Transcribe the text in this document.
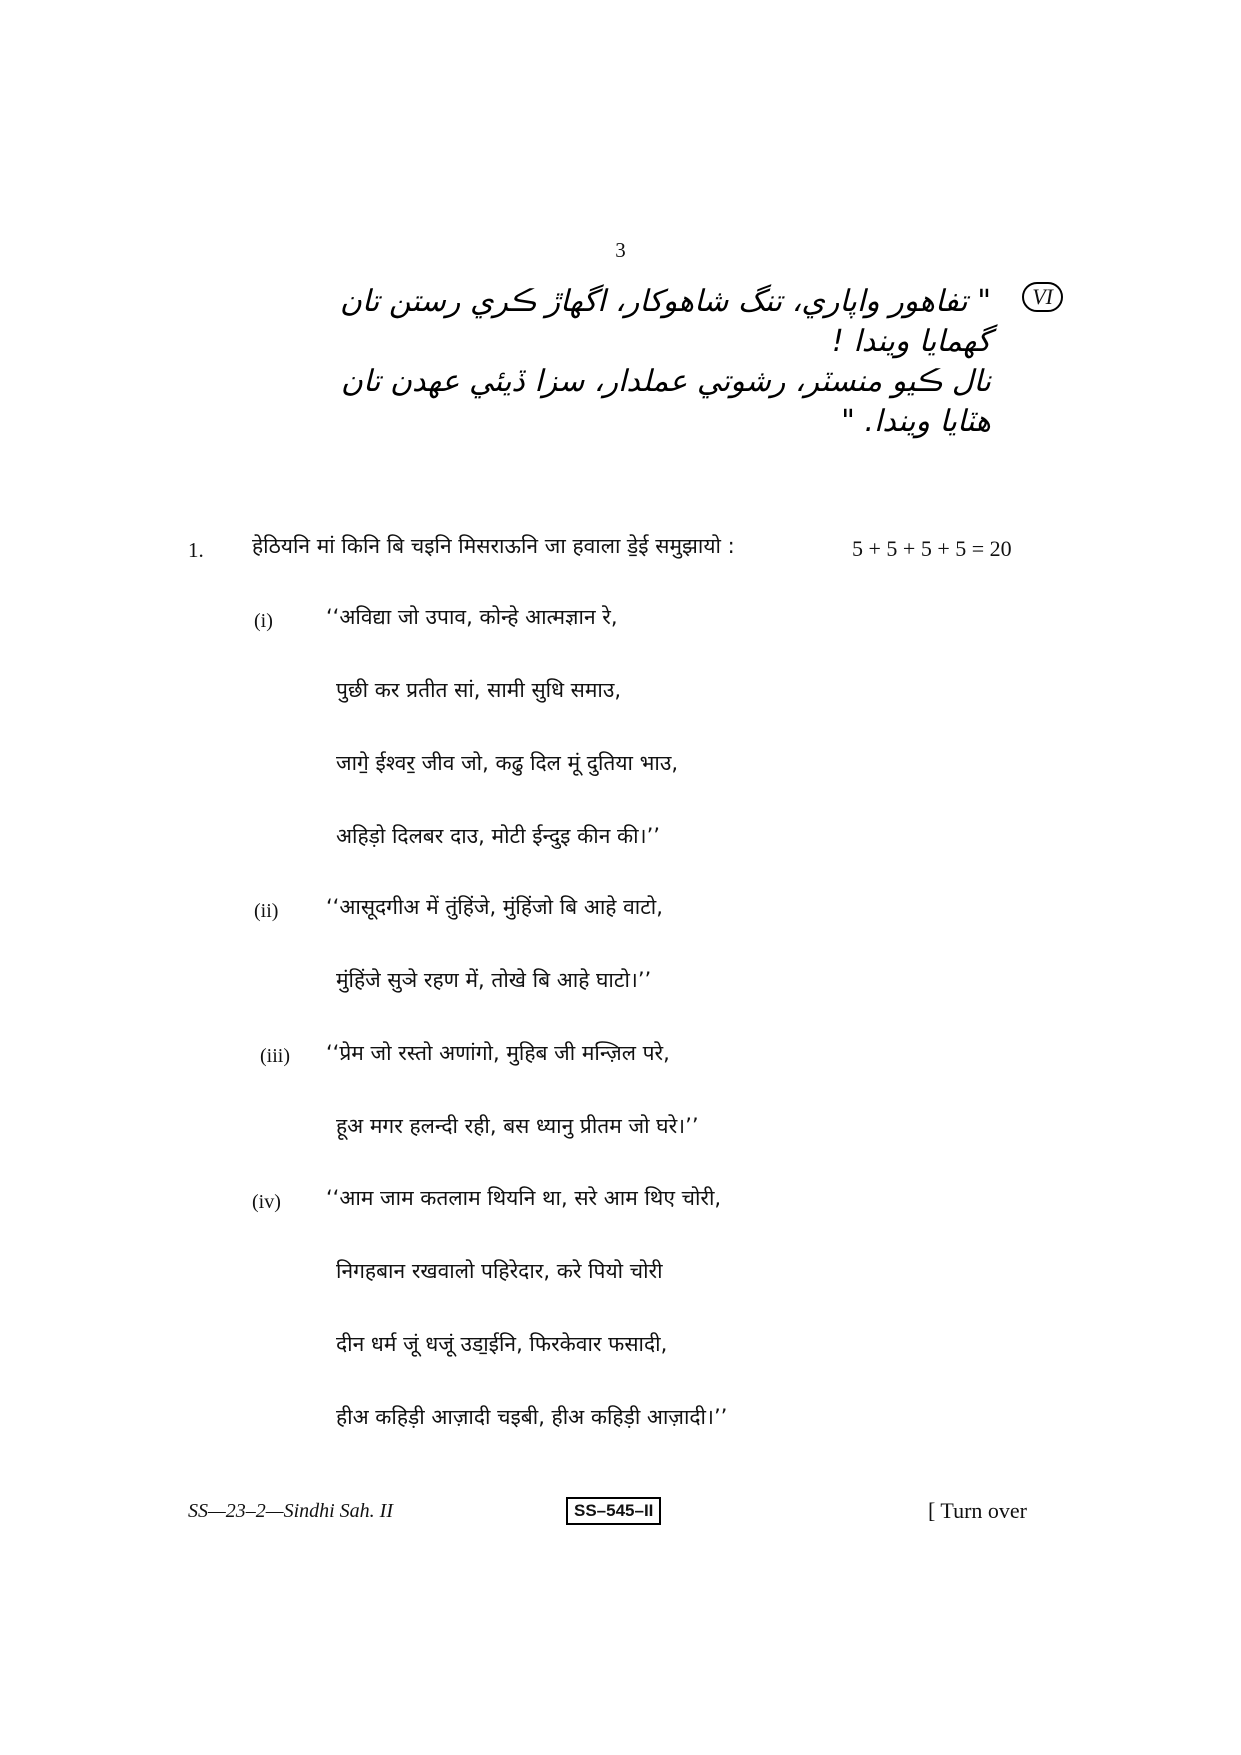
3
VI
" تفاھور واپاري، تنگ شاھوکار، اگھاڙ ڪري رستن تان
گھمايا ويندا !
نال ڪيو منسٽر، رشوتي عملدار، سزا ڏيئي عھدن تان
ھٽايا ويندا. "
1. हेठियनि मां किनि बि चइनि मिसराऊनि जा हवाला डे॒ई समुझायो :	5 + 5 + 5 + 5 = 20
(i)	‘‘अविद्या जो उपाव, कोन्हे आत्मज्ञान रे,
पुछी कर प्रतीत सां, सामी सुधि समाउ,
जागे॒ ईश्वर॒ जीव जो, कढु दिल मूं दुतिया भाउ,
अहिड़ो दिलबर दाउ, मोटी ईन्दुइ कीन की।’’
(ii) ‘‘आसूदगीअ में तुंहिंजे, मुंहिंजो बि आहे वाटो,
मुंहिंजे सुञे रहण में, तोखे बि आहे घाटो।’’
(iii) ‘‘प्रेम जो रस्तो अणांगो, मुहिब जी मन्ज़िल परे,
हूअ मगर हलन्दी रही, बस ध्यानु प्रीतम जो घरे।’’
(iv) ‘‘आम जाम कतलाम थियनि था, सरे आम थिए चोरी,
निगहबान रखवालो पहिरेदार, करे पियो चोरी
दीन धर्म जूं धजूं उडा॒ईनि, फिरकेवार फसादी,
हीअ कहिड़ी आज़ादी चइबी, हीअ कहिड़ी आज़ादी।’’
SS—23–2—Sindhi Sah. II	SS–545–II	[ Turn over
